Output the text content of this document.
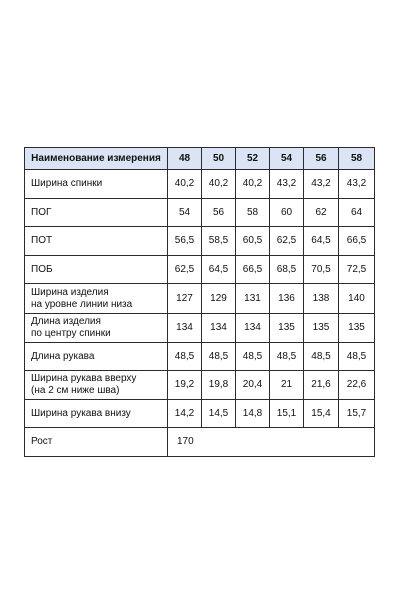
Наименование измерения	48	50	52	54	56	58
Ширина спинки	40,2	40,2	40,2	43,2	43,2	43,2
ПОГ	54	56	58	60	62	64
ПОТ	56,5	58,5	60,5	62,5	64,5	66,5
ПОБ	62,5	64,5	66,5	68,5	70,5	72,5
Ширина изделия
на уровне линии низа	127	129	131	136	138	140
Длина изделия
по центру спинки	134	134	134	135	135	135
Длина рукава	48,5	48,5	48,5	48,5	48,5	48,5
Ширина рукава вверху
(на 2 см ниже шва)	19,2	19,8	20,4	21	21,6	22,6
Ширина рукава внизу	14,2	14,5	14,8	15,1	15,4	15,7
Рост	170					
